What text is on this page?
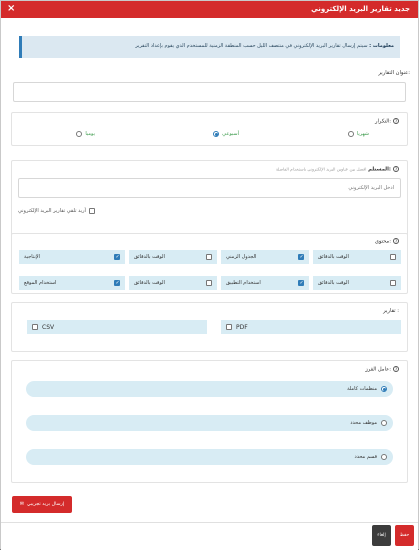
جديد تقارير البريد الإلكتروني
×
معلومات : سيتم إرسال تقارير البريد الإلكتروني في منتصف الليل حسب المنطقة الزمنية للمستخدم الذي يقوم بإعداد التقرير
:عنوان التقارير
?:التكرار
يوميا	أسبوعي	شهريا
?:المستلم افصل بين عناوين البريد الإلكتروني باستخدام الفاصلة
أدخل البريد الإلكتروني
أريد تلقي تقارير البريد الإلكتروني
?:محتوى
الوقت بالدقائق
✓
الجدول الزمني
الوقت بالدقائق
✓
الإنتاجية
الوقت بالدقائق
✓
استخدام التطبيق
الوقت بالدقائق
✓
استخدام الموقع
: تقارير
PDF
CSV
?:عامل الفرز
منظمات كاملة
موظف محدد
قسم محدد
إرسال بريد تجريبي
✉
إلغاء	حفظ
